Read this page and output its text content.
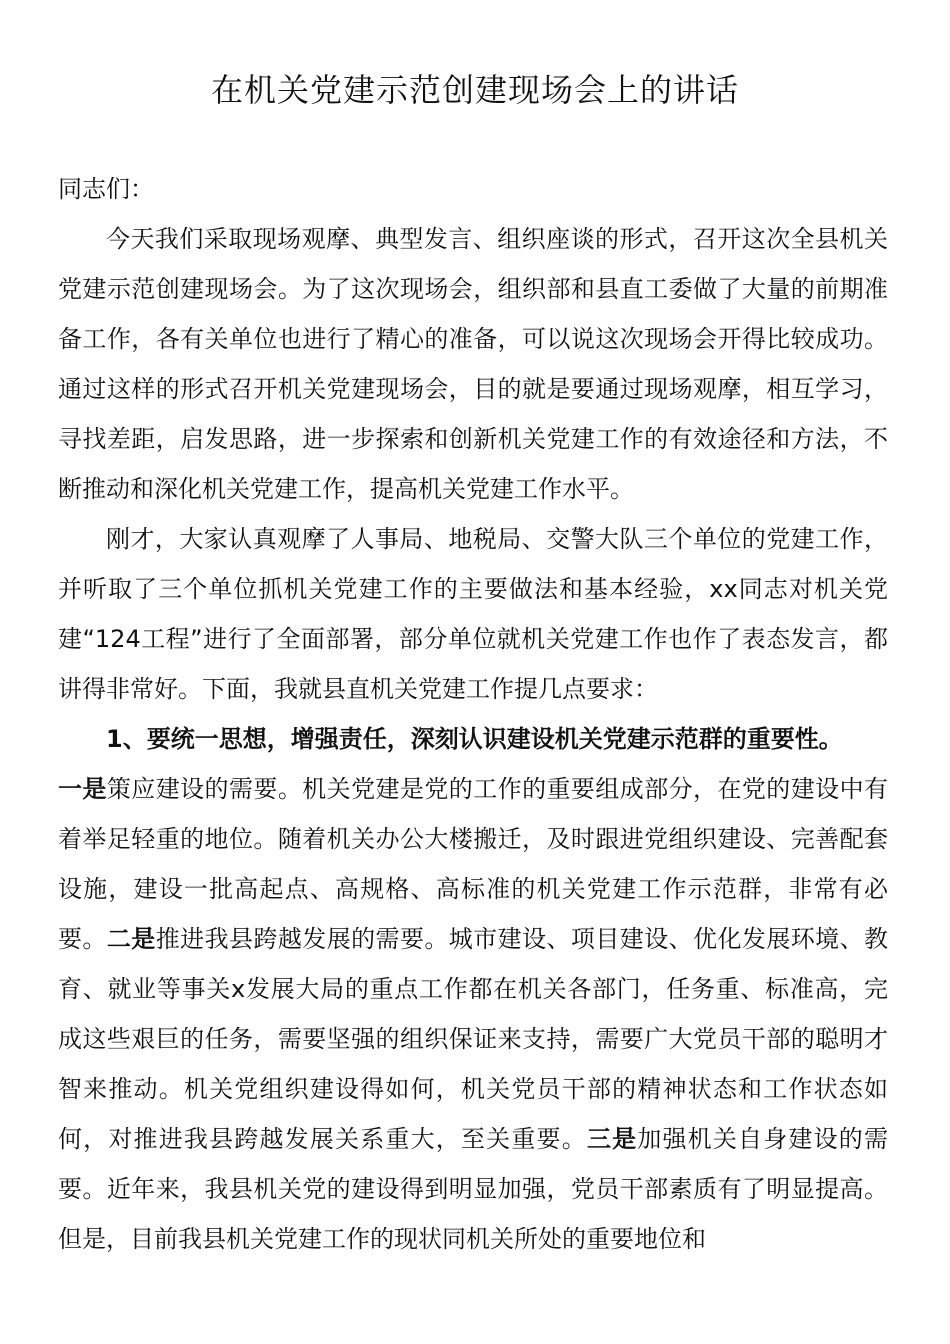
在机关党建示范创建现场会上的讲话

同志们：

今天我们采取现场观摩、典型发言、组织座谈的形式，召开这次全县机关党建示范创建现场会。为了这次现场会，组织部和县直工委做了大量的前期准备工作，各有关单位也进行了精心的准备，可以说这次现场会开得比较成功。通过这样的形式召开机关党建现场会，目的就是要通过现场观摩，相互学习，寻找差距，启发思路，进一步探索和创新机关党建工作的有效途径和方法，不断推动和深化机关党建工作，提高机关党建工作水平。

刚才，大家认真观摩了人事局、地税局、交警大队三个单位的党建工作，并听取了三个单位抓机关党建工作的主要做法和基本经验，xx同志对机关党建“124工程”进行了全面部署，部分单位就机关党建工作也作了表态发言，都讲得非常好。下面，我就县直机关党建工作提几点要求：

1、要统一思想，增强责任，深刻认识建设机关党建示范群的重要性。

一是策应建设的需要。机关党建是党的工作的重要组成部分，在党的建设中有着举足轻重的地位。随着机关办公大楼搬迁，及时跟进党组织建设、完善配套设施，建设一批高起点、高规格、高标准的机关党建工作示范群，非常有必要。二是推进我县跨越发展的需要。城市建设、项目建设、优化发展环境、教育、就业等事关x发展大局的重点工作都在机关各部门，任务重、标准高，完成这些艰巨的任务，需要坚强的组织保证来支持，需要广大党员干部的聪明才智来推动。机关党组织建设得如何，机关党员干部的精神状态和工作状态如何，对推进我县跨越发展关系重大，至关重要。三是加强机关自身建设的需要。近年来，我县机关党的建设得到明显加强，党员干部素质有了明显提高。但是，目前我县机关党建工作的现状同机关所处的重要地位和
